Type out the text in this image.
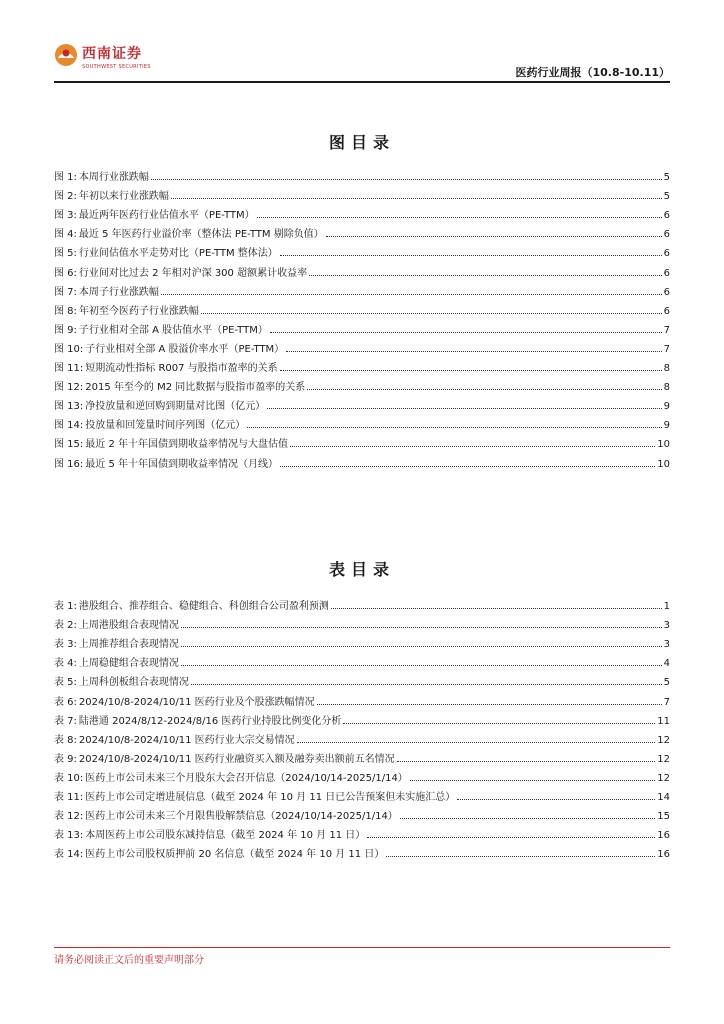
西南证券
SOUTHWEST SECURITIES	医药行业周报（10.8-10.11）
图目录
图 1: 本周行业涨跌幅	5
图 2: 年初以来行业涨跌幅	5
图 3: 最近两年医药行业估值水平（PE-TTM）	6
图 4: 最近 5 年医药行业溢价率（整体法 PE-TTM 剔除负值）	6
图 5: 行业间估值水平走势对比（PE-TTM 整体法）	6
图 6: 行业间对比过去 2 年相对沪深 300 超额累计收益率	6
图 7: 本周子行业涨跌幅	6
图 8: 年初至今医药子行业涨跌幅	6
图 9: 子行业相对全部 A 股估值水平（PE-TTM）	7
图 10: 子行业相对全部 A 股溢价率水平（PE-TTM）	7
图 11: 短期流动性指标 R007 与股指市盈率的关系	8
图 12: 2015 年至今的 M2 同比数据与股指市盈率的关系	8
图 13: 净投放量和逆回购到期量对比图（亿元）	9
图 14: 投放量和回笼量时间序列图（亿元）	9
图 15: 最近 2 年十年国债到期收益率情况与大盘估值	10
图 16: 最近 5 年十年国债到期收益率情况（月线）	10
表目录
表 1: 港股组合、推荐组合、稳健组合、科创组合公司盈利预测	1
表 2: 上周港股组合表现情况	3
表 3: 上周推荐组合表现情况	3
表 4: 上周稳健组合表现情况	4
表 5: 上周科创板组合表现情况	5
表 6: 2024/10/8-2024/10/11 医药行业及个股涨跌幅情况	7
表 7: 陆港通 2024/8/12-2024/8/16 医药行业持股比例变化分析	11
表 8: 2024/10/8-2024/10/11 医药行业大宗交易情况	12
表 9: 2024/10/8-2024/10/11 医药行业融资买入额及融券卖出额前五名情况	12
表 10: 医药上市公司未来三个月股东大会召开信息（2024/10/14-2025/1/14）	12
表 11: 医药上市公司定增进展信息（截至 2024 年 10 月 11 日已公告预案但未实施汇总）	14
表 12: 医药上市公司未来三个月限售股解禁信息（2024/10/14-2025/1/14）	15
表 13: 本周医药上市公司股东减持信息（截至 2024 年 10 月 11 日）	16
表 14: 医药上市公司股权质押前 20 名信息（截至 2024 年 10 月 11 日）	16
请务必阅读正文后的重要声明部分
